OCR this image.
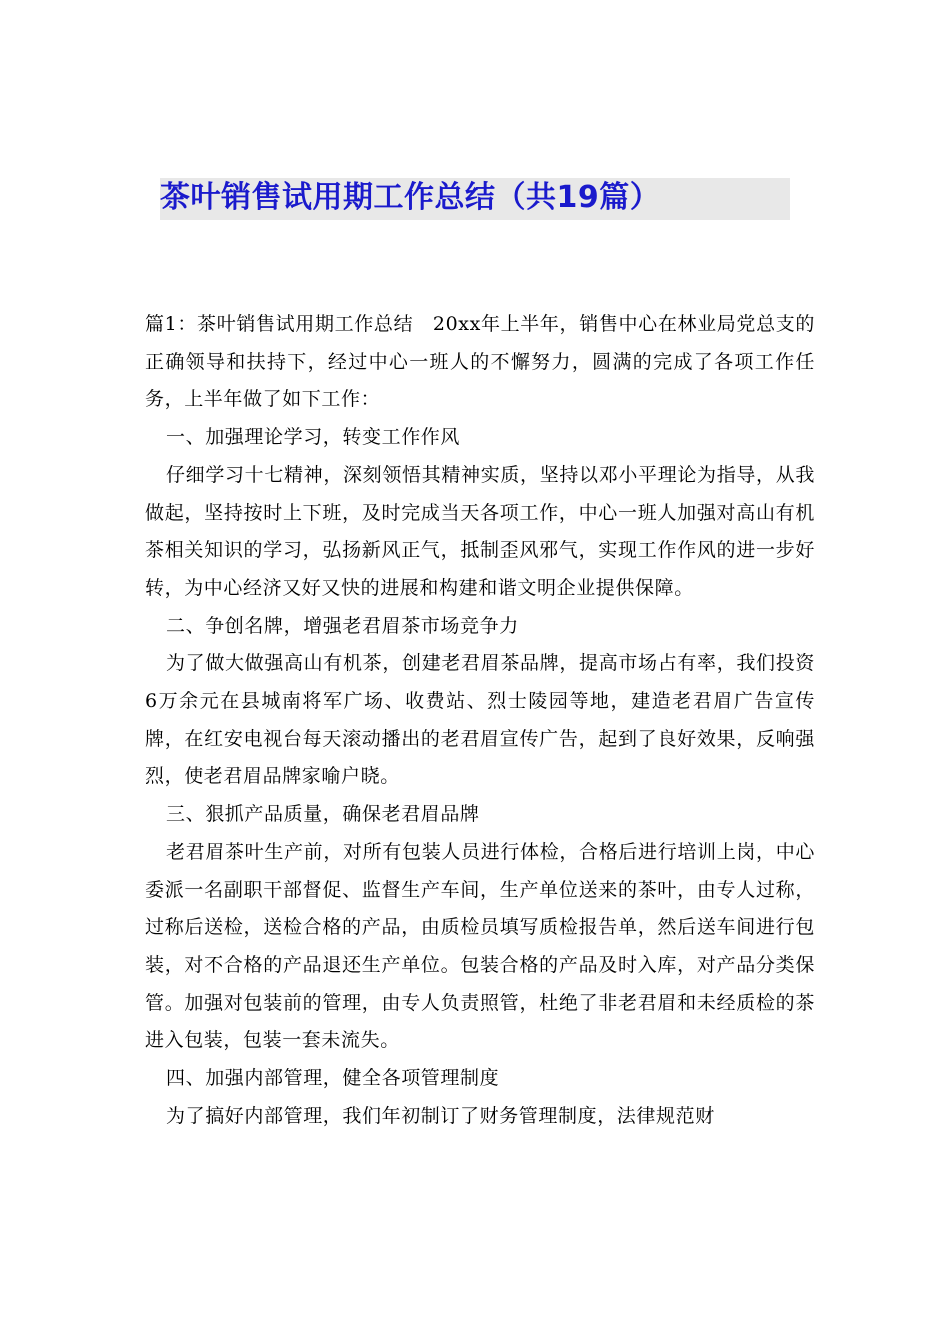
茶叶销售试用期工作总结（共19篇）

篇1：茶叶销售试用期工作总结　20xx年上半年，销售中心在林业局党总支的正确领导和扶持下，经过中心一班人的不懈努力，圆满的完成了各项工作任务，上半年做了如下工作：

一、加强理论学习，转变工作作风

仔细学习十七精神，深刻领悟其精神实质，坚持以邓小平理论为指导，从我做起，坚持按时上下班，及时完成当天各项工作，中心一班人加强对高山有机茶相关知识的学习，弘扬新风正气，抵制歪风邪气，实现工作作风的进一步好转，为中心经济又好又快的进展和构建和谐文明企业提供保障。

二、争创名牌，增强老君眉茶市场竞争力

为了做大做强高山有机茶，创建老君眉茶品牌，提高市场占有率，我们投资6万余元在县城南将军广场、收费站、烈士陵园等地，建造老君眉广告宣传牌，在红安电视台每天滚动播出的老君眉宣传广告，起到了良好效果，反响强烈，使老君眉品牌家喻户晓。

三、狠抓产品质量，确保老君眉品牌

老君眉茶叶生产前，对所有包装人员进行体检，合格后进行培训上岗，中心委派一名副职干部督促、监督生产车间，生产单位送来的茶叶，由专人过称，过称后送检，送检合格的产品，由质检员填写质检报告单，然后送车间进行包装，对不合格的产品退还生产单位。包装合格的产品及时入库，对产品分类保管。加强对包装前的管理，由专人负责照管，杜绝了非老君眉和未经质检的茶进入包装，包装一套未流失。

四、加强内部管理，健全各项管理制度

为了搞好内部管理，我们年初制订了财务管理制度，法律规范财
